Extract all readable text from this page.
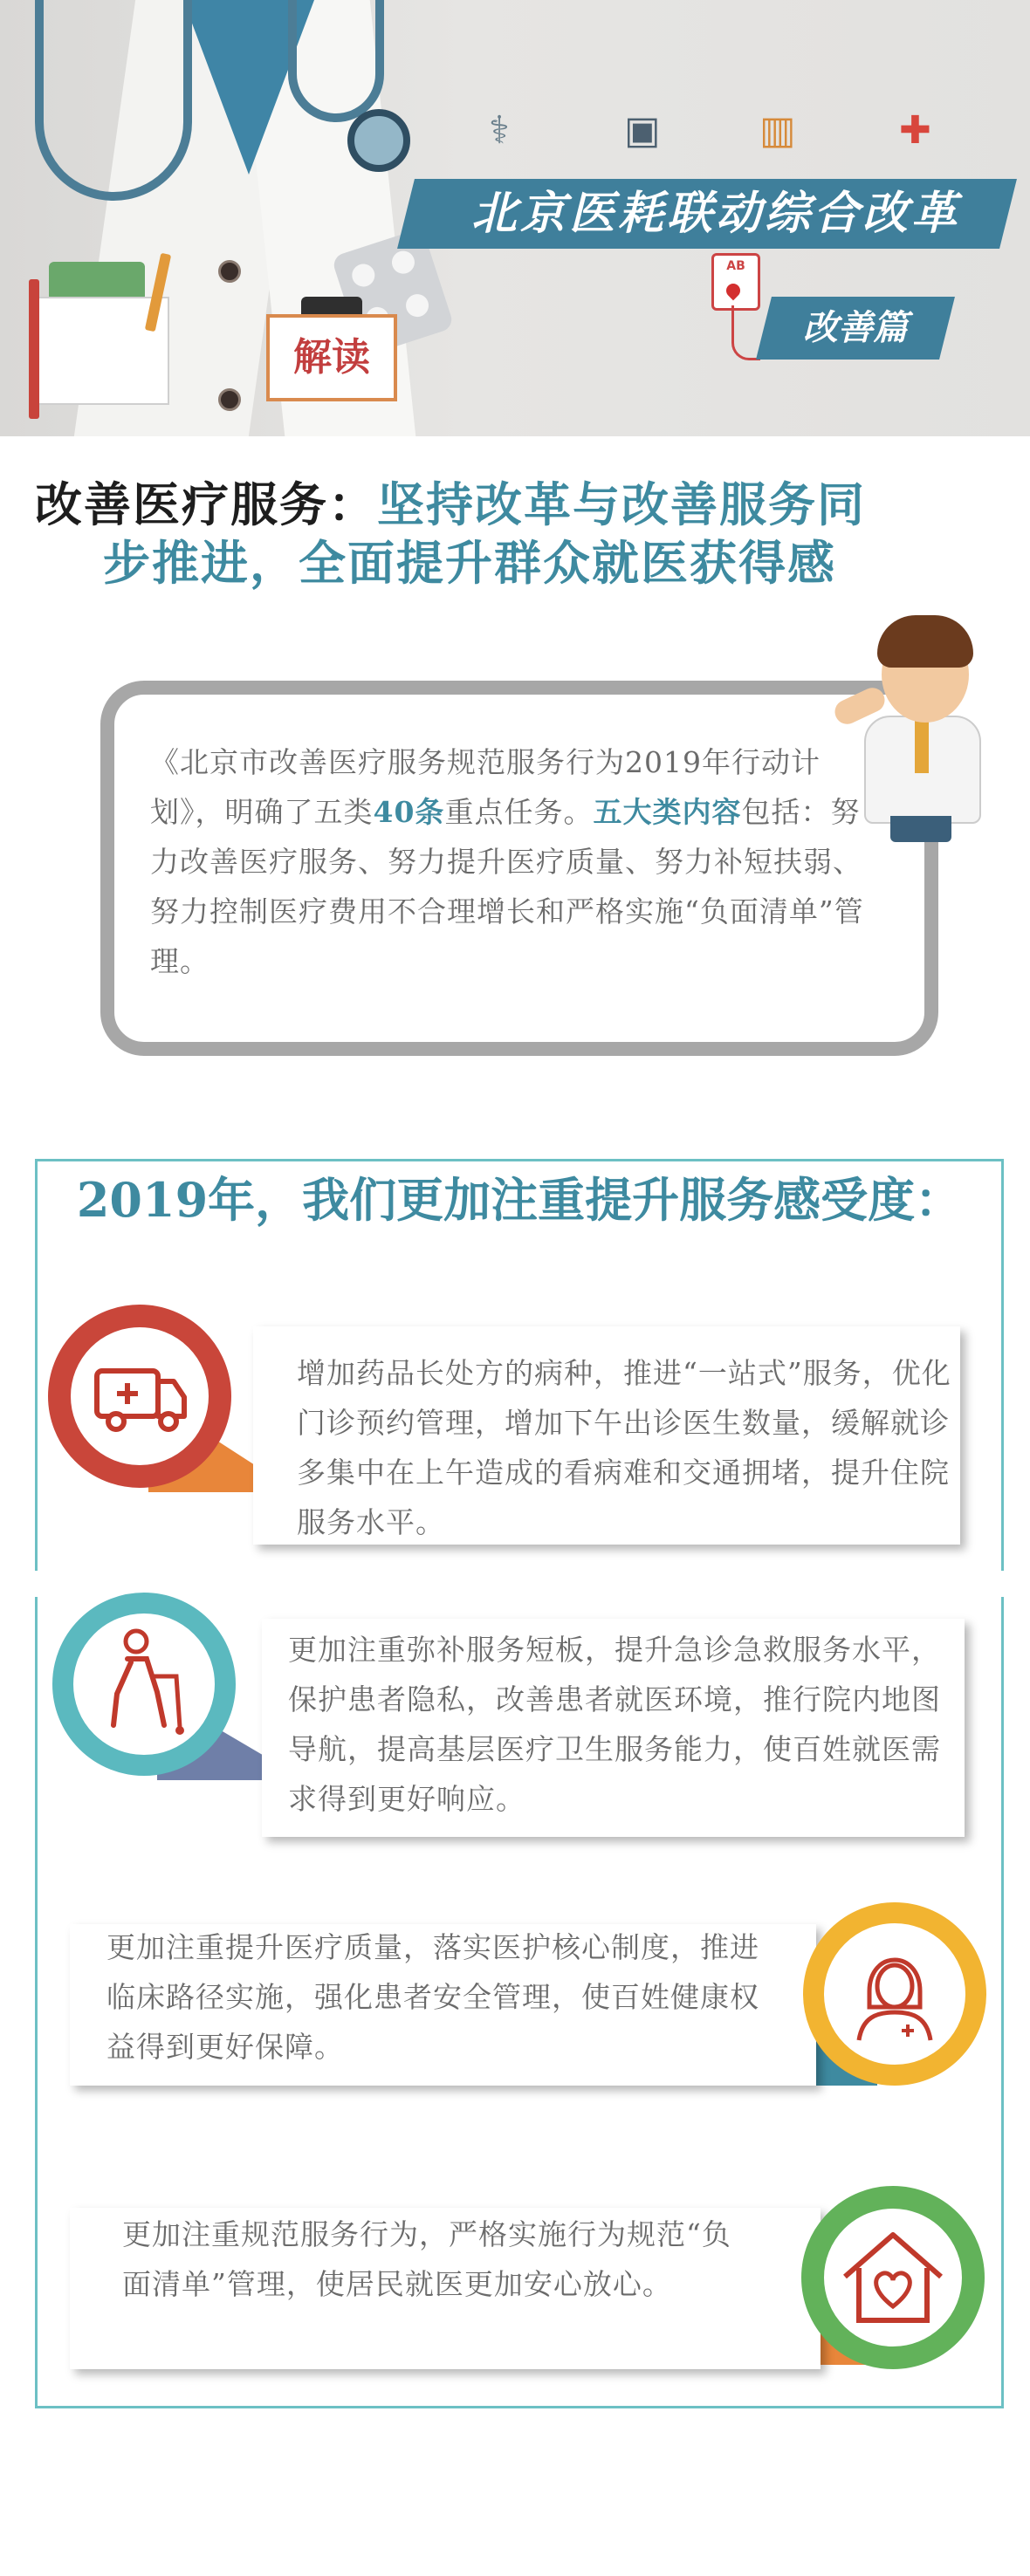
解读
⚕	▣	▥	✚
北京医耗联动综合改革
AB
改善篇
改善医疗服务：坚持改革与改善服务同
步推进，全面提升群众就医获得感
《北京市改善医疗服务规范服务行为2019年行动计划》，明确了五类40条重点任务。五大类内容包括：努力改善医疗服务、努力提升医疗质量、努力补短扶弱、努力控制医疗费用不合理增长和严格实施“负面清单”管理。
2019年，我们更加注重提升服务感受度：
增加药品长处方的病种，推进“一站式”服务，优化门诊预约管理，增加下午出诊医生数量，缓解就诊多集中在上午造成的看病难和交通拥堵，提升住院服务水平。
更加注重弥补服务短板，提升急诊急救服务水平，保护患者隐私，改善患者就医环境，推行院内地图导航，提高基层医疗卫生服务能力，使百姓就医需求得到更好响应。
更加注重提升医疗质量，落实医护核心制度，推进临床路径实施，强化患者安全管理，使百姓健康权益得到更好保障。
更加注重规范服务行为，严格实施行为规范“负面清单”管理，使居民就医更加安心放心。
